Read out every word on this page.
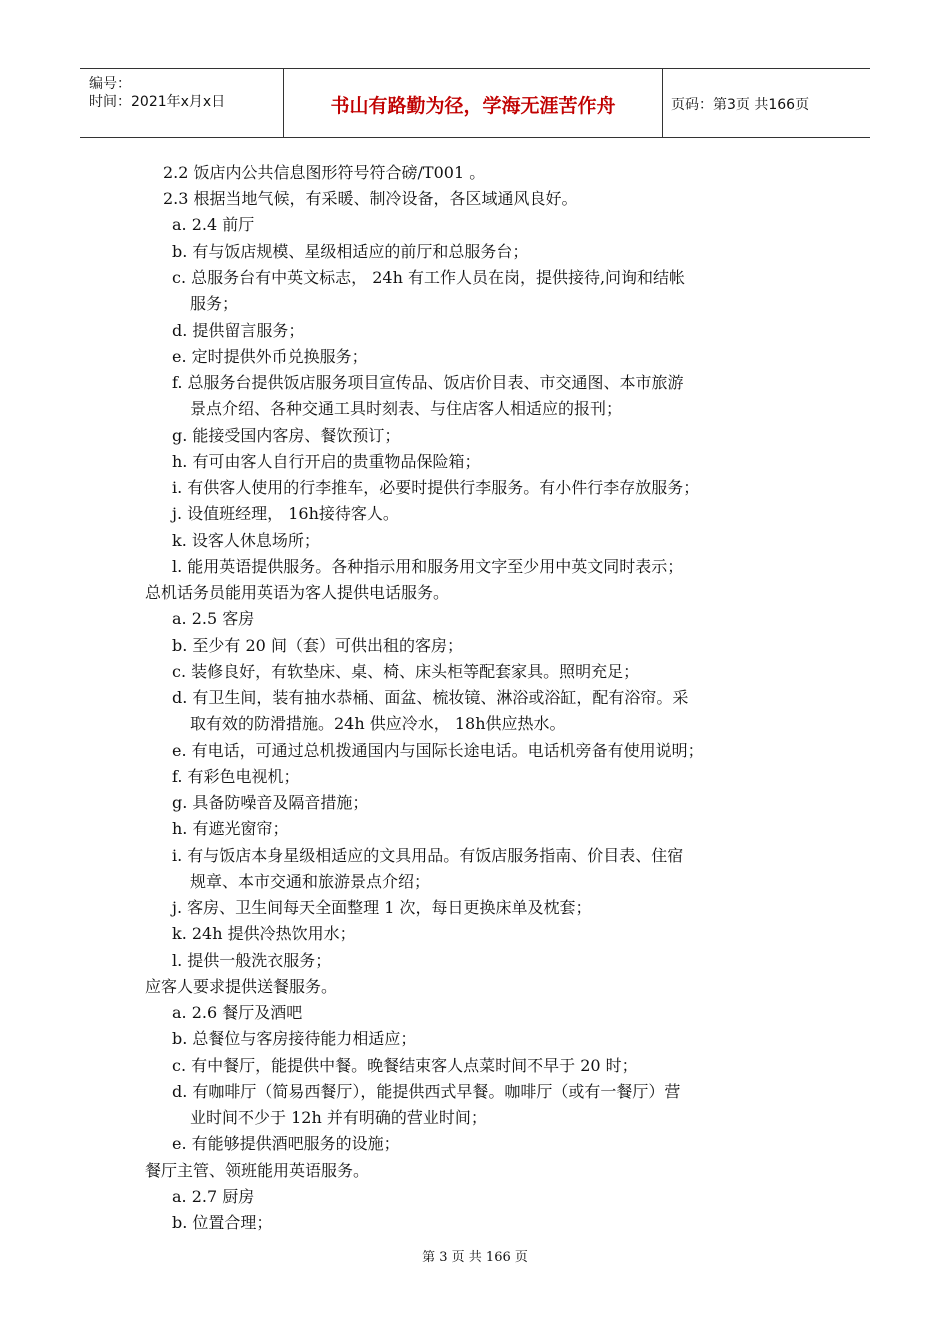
编号：
时间：2021年x月x日	书山有路勤为径，学海无涯苦作舟	页码：第3页 共166页
2.2 饭店内公共信息图形符号符合磅/T001 。
2.3 根据当地气候，有采暖、制冷设备，各区域通风良好。
a. 2.4 前厅
b. 有与饭店规模、星级相适应的前厅和总服务台；
c. 总服务台有中英文标志， 24h 有工作人员在岗，提供接待,问询和结帐
服务；
d. 提供留言服务；
e. 定时提供外币兑换服务；
f. 总服务台提供饭店服务项目宣传品、饭店价目表、市交通图、本市旅游
景点介绍、各种交通工具时刻表、与住店客人相适应的报刊；
g. 能接受国内客房、餐饮预订；
h. 有可由客人自行开启的贵重物品保险箱；
i. 有供客人使用的行李推车，必要时提供行李服务。有小件行李存放服务；
j. 设值班经理， 16h接待客人。
k. 设客人休息场所；
l. 能用英语提供服务。各种指示用和服务用文字至少用中英文同时表示；
总机话务员能用英语为客人提供电话服务。
a. 2.5 客房
b. 至少有 20 间（套）可供出租的客房；
c. 装修良好，有软垫床、桌、椅、床头柜等配套家具。照明充足；
d. 有卫生间，装有抽水恭桶、面盆、梳妆镜、淋浴或浴缸，配有浴帘。采
取有效的防滑措施。24h 供应冷水， 18h供应热水。
e. 有电话，可通过总机拨通国内与国际长途电话。电话机旁备有使用说明；
f. 有彩色电视机；
g. 具备防噪音及隔音措施；
h. 有遮光窗帘；
i. 有与饭店本身星级相适应的文具用品。有饭店服务指南、价目表、住宿
规章、本市交通和旅游景点介绍；
j. 客房、卫生间每天全面整理 1 次，每日更换床单及枕套；
k. 24h 提供冷热饮用水；
l. 提供一般洗衣服务；
应客人要求提供送餐服务。
a. 2.6 餐厅及酒吧
b. 总餐位与客房接待能力相适应；
c. 有中餐厅，能提供中餐。晚餐结束客人点菜时间不早于 20 时；
d. 有咖啡厅（简易西餐厅），能提供西式早餐。咖啡厅（或有一餐厅）营
业时间不少于 12h 并有明确的营业时间；
e. 有能够提供酒吧服务的设施；
餐厅主管、领班能用英语服务。
a. 2.7 厨房
b. 位置合理；
第 3 页 共 166 页
